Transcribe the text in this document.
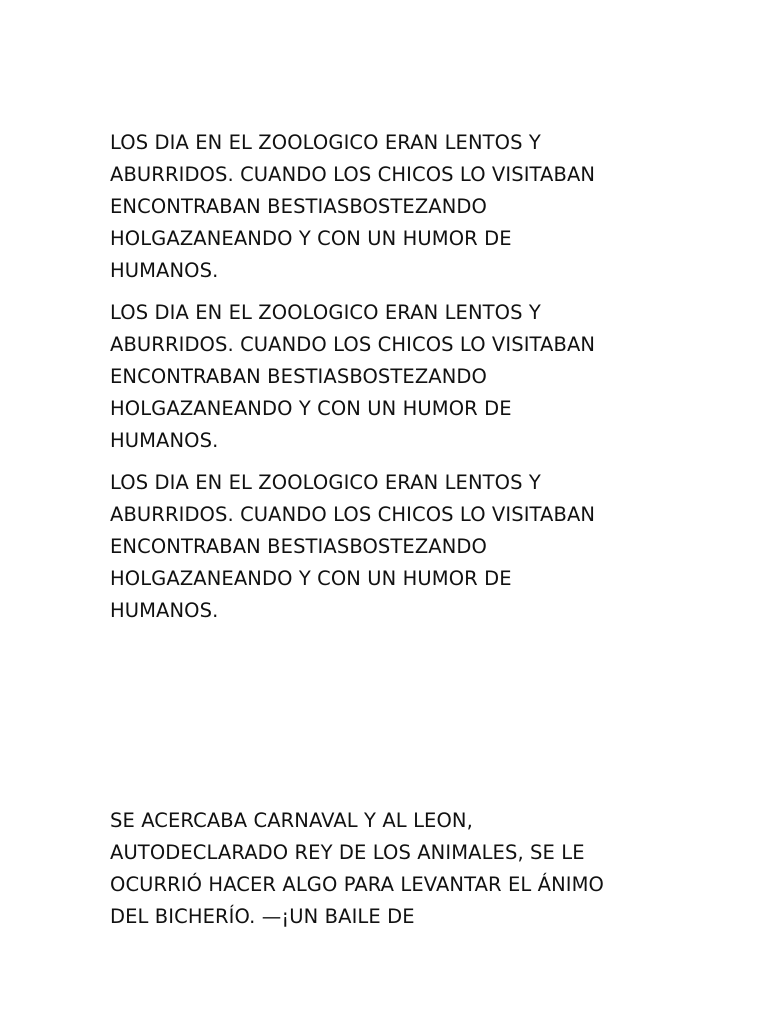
LOS DIA EN EL ZOOLOGICO ERAN LENTOS Y
ABURRIDOS. CUANDO LOS CHICOS LO VISITABAN
ENCONTRABAN BESTIASBOSTEZANDO
HOLGAZANEANDO Y CON UN HUMOR DE
HUMANOS.

LOS DIA EN EL ZOOLOGICO ERAN LENTOS Y
ABURRIDOS. CUANDO LOS CHICOS LO VISITABAN
ENCONTRABAN BESTIASBOSTEZANDO
HOLGAZANEANDO Y CON UN HUMOR DE
HUMANOS.

LOS DIA EN EL ZOOLOGICO ERAN LENTOS Y
ABURRIDOS. CUANDO LOS CHICOS LO VISITABAN
ENCONTRABAN BESTIASBOSTEZANDO
HOLGAZANEANDO Y CON UN HUMOR DE
HUMANOS.

SE ACERCABA CARNAVAL Y AL LEON,
AUTODECLARADO REY DE LOS ANIMALES, SE LE
OCURRIÓ HACER ALGO PARA LEVANTAR EL ÁNIMO
DEL BICHERÍO. —¡UN BAILE DE
